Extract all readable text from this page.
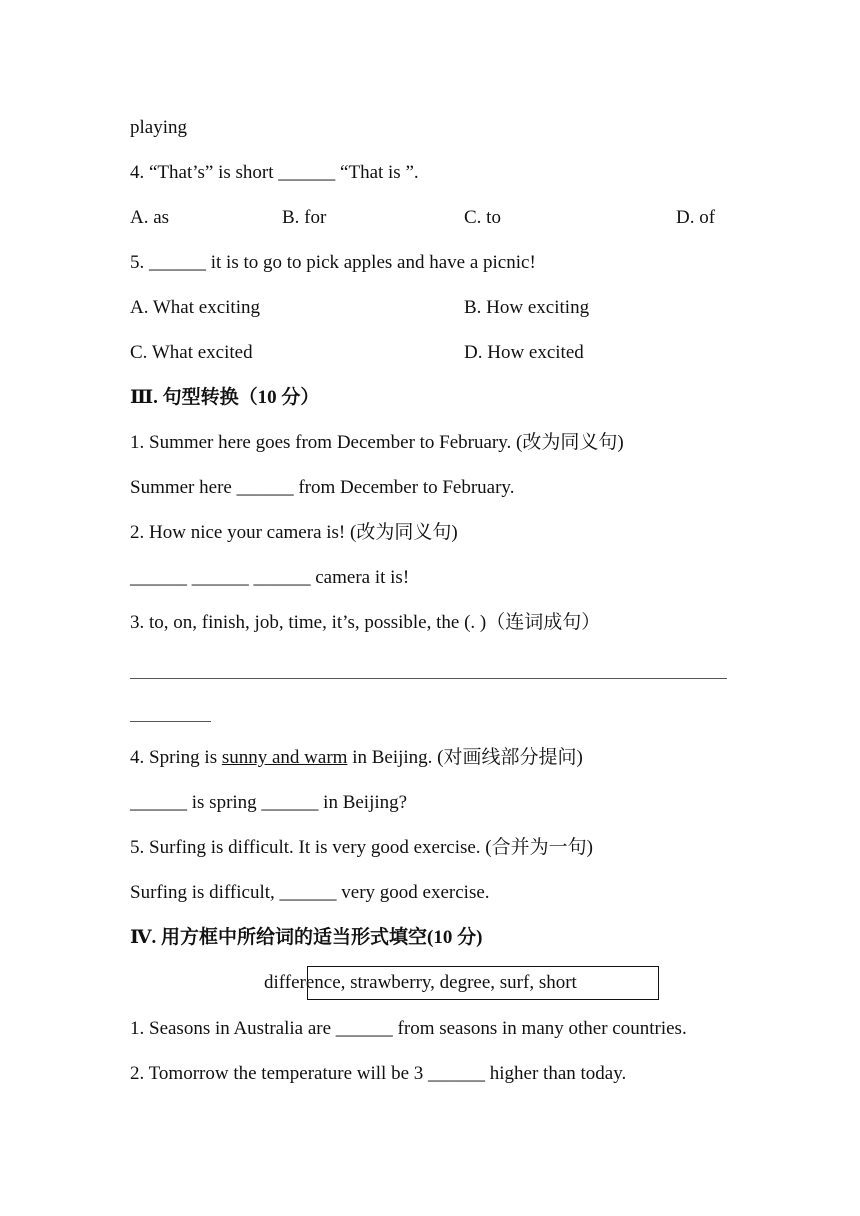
playing
4. “That’s” is short ______ “That is ”.
A. as	B. for	C. to	D. of
5. ______ it is to go to pick apples and have a picnic!
A. What exciting	B. How exciting
C. What excited	D. How excited
Ⅲ. 句型转换（10 分）
1. Summer here goes from December to February. (改为同义句)
Summer here ______ from December to February.
2. How nice your camera is! (改为同义句)
______ ______ ______ camera it is!
3. to, on, finish, job, time, it’s, possible, the (. )（连词成句）
4. Spring is sunny and warm in Beijing. (对画线部分提问)
______ is spring ______ in Beijing?
5. Surfing is difficult. It is very good exercise. (合并为一句)
Surfing is difficult, ______ very good exercise.
Ⅳ. 用方框中所给词的适当形式填空(10 分)
difference, strawberry, degree, surf, short
1. Seasons in Australia are ______ from seasons in many other countries.
2. Tomorrow the temperature will be 3 ______ higher than today.
